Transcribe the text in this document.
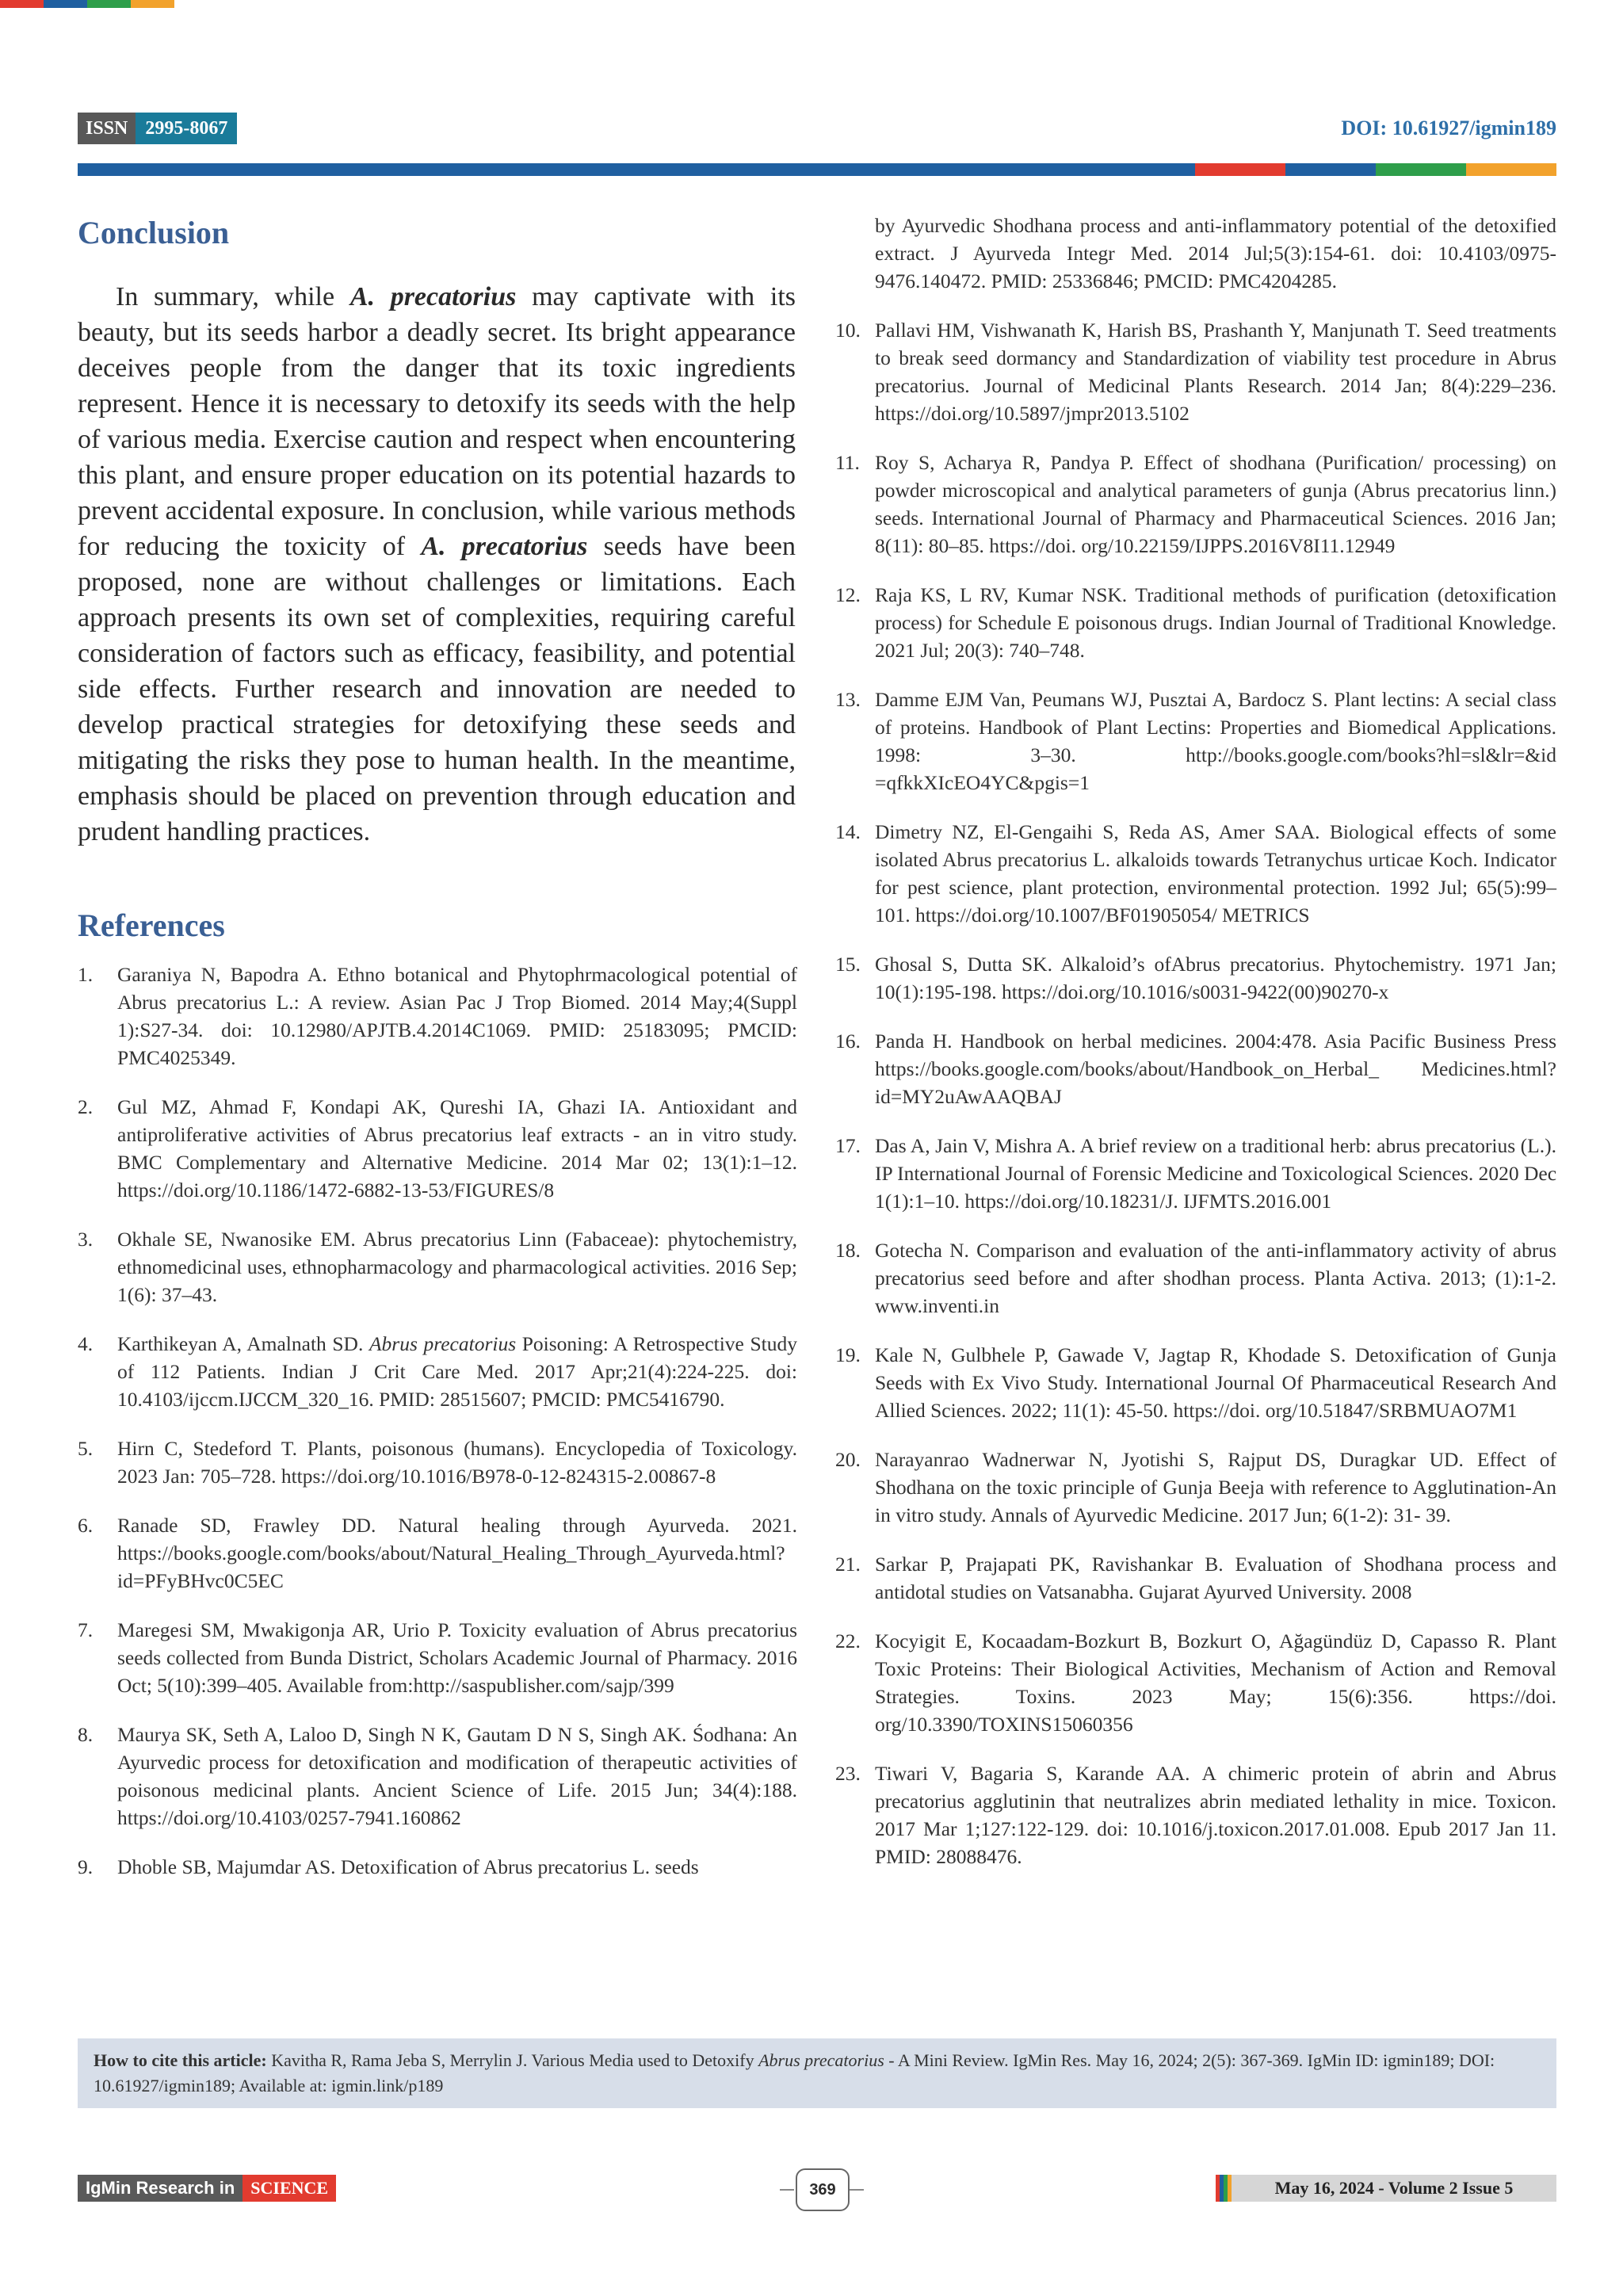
ISSN 2995-8067	DOI: 10.61927/igmin189
Conclusion
In summary, while A. precatorius may captivate with its beauty, but its seeds harbor a deadly secret. Its bright appearance deceives people from the danger that its toxic ingredients represent. Hence it is necessary to detoxify its seeds with the help of various media. Exercise caution and respect when encountering this plant, and ensure proper education on its potential hazards to prevent accidental exposure. In conclusion, while various methods for reducing the toxicity of A. precatorius seeds have been proposed, none are without challenges or limitations. Each approach presents its own set of complexities, requiring careful consideration of factors such as efficacy, feasibility, and potential side effects. Further research and innovation are needed to develop practical strategies for detoxifying these seeds and mitigating the risks they pose to human health. In the meantime, emphasis should be placed on prevention through education and prudent handling practices.
References
1. Garaniya N, Bapodra A. Ethno botanical and Phytophrmacological potential of Abrus precatorius L.: A review. Asian Pac J Trop Biomed. 2014 May;4(Suppl 1):S27-34. doi: 10.12980/APJTB.4.2014C1069. PMID: 25183095; PMCID: PMC4025349.
2. Gul MZ, Ahmad F, Kondapi AK, Qureshi IA, Ghazi IA. Antioxidant and antiproliferative activities of Abrus precatorius leaf extracts - an in vitro study. BMC Complementary and Alternative Medicine. 2014 Mar 02; 13(1):1–12. https://doi.org/10.1186/1472-6882-13-53/FIGURES/8
3. Okhale SE, Nwanosike EM. Abrus precatorius Linn (Fabaceae): phytochemistry, ethnomedicinal uses, ethnopharmacology and pharmacological activities. 2016 Sep; 1(6): 37–43.
4. Karthikeyan A, Amalnath SD. Abrus precatorius Poisoning: A Retrospective Study of 112 Patients. Indian J Crit Care Med. 2017 Apr;21(4):224-225. doi: 10.4103/ijccm.IJCCM_320_16. PMID: 28515607; PMCID: PMC5416790.
5. Hirn C, Stedeford T. Plants, poisonous (humans). Encyclopedia of Toxicology. 2023 Jan: 705–728. https://doi.org/10.1016/B978-0-12-824315-2.00867-8
6. Ranade SD, Frawley DD. Natural healing through Ayurveda. 2021. https://books.google.com/books/about/Natural_Healing_Through_Ayurveda.html?id=PFyBHvc0C5EC
7. Maregesi SM, Mwakigonja AR, Urio P. Toxicity evaluation of Abrus precatorius seeds collected from Bunda District, Scholars Academic Journal of Pharmacy. 2016 Oct; 5(10):399–405. Available from:http://saspublisher.com/sajp/399
8. Maurya SK, Seth A, Laloo D, Singh N K, Gautam D N S, Singh AK. Śodhana: An Ayurvedic process for detoxification and modification of therapeutic activities of poisonous medicinal plants. Ancient Science of Life. 2015 Jun; 34(4):188. https://doi.org/10.4103/0257-7941.160862
9. Dhoble SB, Majumdar AS. Detoxification of Abrus precatorius L. seeds
by Ayurvedic Shodhana process and anti-inflammatory potential of the detoxified extract. J Ayurveda Integr Med. 2014 Jul;5(3):154-61. doi: 10.4103/0975-9476.140472. PMID: 25336846; PMCID: PMC4204285.
10. Pallavi HM, Vishwanath K, Harish BS, Prashanth Y, Manjunath T. Seed treatments to break seed dormancy and Standardization of viability test procedure in Abrus precatorius. Journal of Medicinal Plants Research. 2014 Jan; 8(4):229–236. https://doi.org/10.5897/jmpr2013.5102
11. Roy S, Acharya R, Pandya P. Effect of shodhana (Purification/ processing) on powder microscopical and analytical parameters of gunja (Abrus precatorius linn.) seeds. International Journal of Pharmacy and Pharmaceutical Sciences. 2016 Jan; 8(11): 80–85. https://doi. org/10.22159/IJPPS.2016V8I11.12949
12. Raja KS, L RV, Kumar NSK. Traditional methods of purification (detoxification process) for Schedule E poisonous drugs. Indian Journal of Traditional Knowledge. 2021 Jul; 20(3): 740–748.
13. Damme EJM Van, Peumans WJ, Pusztai A, Bardocz S. Plant lectins: A secial class of proteins. Handbook of Plant Lectins: Properties and Biomedical Applications. 1998: 3–30. http://books.google.com/books?hl=sl&lr=&id =qfkkXIcEO4YC&pgis=1
14. Dimetry NZ, El-Gengaihi S, Reda AS, Amer SAA. Biological effects of some isolated Abrus precatorius L. alkaloids towards Tetranychus urticae Koch. Indicator for pest science, plant protection, environmental protection. 1992 Jul; 65(5):99–101. https://doi.org/10.1007/BF01905054/ METRICS
15. Ghosal S, Dutta SK. Alkaloid’s ofAbrus precatorius. Phytochemistry. 1971 Jan; 10(1):195-198. https://doi.org/10.1016/s0031-9422(00)90270-x
16. Panda H. Handbook on herbal medicines. 2004:478. Asia Pacific Business Press https://books.google.com/books/about/Handbook_on_Herbal_ Medicines.html?id=MY2uAwAAQBAJ
17. Das A, Jain V, Mishra A. A brief review on a traditional herb: abrus precatorius (L.). IP International Journal of Forensic Medicine and Toxicological Sciences. 2020 Dec 1(1):1–10. https://doi.org/10.18231/J. IJFMTS.2016.001
18. Gotecha N. Comparison and evaluation of the anti-inflammatory activity of abrus precatorius seed before and after shodhan process. Planta Activa. 2013; (1):1-2. www.inventi.in
19. Kale N, Gulbhele P, Gawade V, Jagtap R, Khodade S. Detoxification of Gunja Seeds with Ex Vivo Study. International Journal Of Pharmaceutical Research And Allied Sciences. 2022; 11(1): 45-50. https://doi. org/10.51847/SRBMUAO7M1
20. Narayanrao Wadnerwar N, Jyotishi S, Rajput DS, Duragkar UD. Effect of Shodhana on the toxic principle of Gunja Beeja with reference to Agglutination-An in vitro study. Annals of Ayurvedic Medicine. 2017 Jun; 6(1-2): 31- 39.
21. Sarkar P, Prajapati PK, Ravishankar B. Evaluation of Shodhana process and antidotal studies on Vatsanabha. Gujarat Ayurved University. 2008
22. Kocyigit E, Kocaadam-Bozkurt B, Bozkurt O, Ağagündüz D, Capasso R. Plant Toxic Proteins: Their Biological Activities, Mechanism of Action and Removal Strategies. Toxins. 2023 May; 15(6):356. https://doi. org/10.3390/TOXINS15060356
23. Tiwari V, Bagaria S, Karande AA. A chimeric protein of abrin and Abrus precatorius agglutinin that neutralizes abrin mediated lethality in mice. Toxicon. 2017 Mar 1;127:122-129. doi: 10.1016/j.toxicon.2017.01.008. Epub 2017 Jan 11. PMID: 28088476.
How to cite this article: Kavitha R, Rama Jeba S, Merrylin J. Various Media used to Detoxify Abrus precatorius - A Mini Review. IgMin Res. May 16, 2024; 2(5): 367-369. IgMin ID: igmin189; DOI: 10.61927/igmin189; Available at: igmin.link/p189
IgMin Research in SCIENCE	369	May 16, 2024 - Volume 2 Issue 5
